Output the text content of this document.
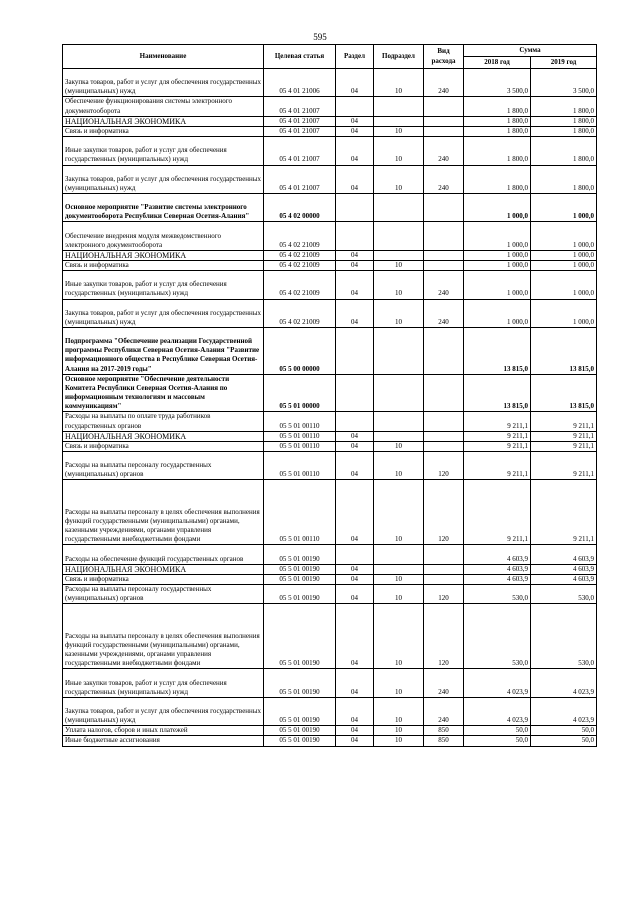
595
Наименование	Целевая статья	Раздел	Подраздел	Вид расхода	Сумма	
					2018 год	2019 год
Закупка товаров, работ и услуг для обеспечения государственных (муниципальных) нужд	05 4 01 21006	04	10	240	3 500,0	3 500,0
Обеспечение функционирования системы электронного документооборота	05 4 01 21007				1 800,0	1 800,0
НАЦИОНАЛЬНАЯ ЭКОНОМИКА	05 4 01 21007	04			1 800,0	1 800,0
Связь и информатика	05 4 01 21007	04	10		1 800,0	1 800,0
Иные закупки товаров, работ и услуг для обеспечения государственных (муниципальных) нужд	05 4 01 21007	04	10	240	1 800,0	1 800,0
Закупка товаров, работ и услуг для обеспечения государственных (муниципальных) нужд	05 4 01 21007	04	10	240	1 800,0	1 800,0
Основное мероприятие "Развитие системы электронного документооборота Республики Северная Осетия-Алания"	05 4 02 00000				1 000,0	1 000,0
Обеспечение внедрения модуля межведомственного электронного документооборота	05 4 02 21009				1 000,0	1 000,0
НАЦИОНАЛЬНАЯ ЭКОНОМИКА	05 4 02 21009	04			1 000,0	1 000,0
Связь и информатика	05 4 02 21009	04	10		1 000,0	1 000,0
Иные закупки товаров, работ и услуг для обеспечения государственных (муниципальных) нужд	05 4 02 21009	04	10	240	1 000,0	1 000,0
Закупка товаров, работ и услуг для обеспечения государственных (муниципальных) нужд	05 4 02 21009	04	10	240	1 000,0	1 000,0
Подпрограмма "Обеспечение реализации Государственной программы Республики Северная Осетия-Алания "Развитие информационного общества в Республике Северная Осетия-Алания на 2017-2019 годы"	05 5 00 00000				13 815,0	13 815,0
Основное мероприятие "Обеспечение деятельности Комитета Республики Северная Осетия-Алания по информационным технологиям и массовым коммуникациям"	05 5 01 00000				13 815,0	13 815,0
Расходы на выплаты по оплате труда работников государственных органов	05 5 01 00110				9 211,1	9 211,1
НАЦИОНАЛЬНАЯ ЭКОНОМИКА	05 5 01 00110	04			9 211,1	9 211,1
Связь и информатика	05 5 01 00110	04	10		9 211,1	9 211,1
Расходы на выплаты персоналу государственных (муниципальных) органов	05 5 01 00110	04	10	120	9 211,1	9 211,1
Расходы на выплаты персоналу в целях обеспечения выполнения функций государственными (муниципальными) органами, казенными учреждениями, органами управления государственными внебюджетными фондами	05 5 01 00110	04	10	120	9 211,1	9 211,1
Расходы на обеспечение функций государственных органов	05 5 01 00190				4 603,9	4 603,9
НАЦИОНАЛЬНАЯ ЭКОНОМИКА	05 5 01 00190	04			4 603,9	4 603,9
Связь и информатика	05 5 01 00190	04	10		4 603,9	4 603,9
Расходы на выплаты персоналу государственных (муниципальных) органов	05 5 01 00190	04	10	120	530,0	530,0
Расходы на выплаты персоналу в целях обеспечения выполнения функций государственными (муниципальными) органами, казенными учреждениями, органами управления государственными внебюджетными фондами	05 5 01 00190	04	10	120	530,0	530,0
Иные закупки товаров, работ и услуг для обеспечения государственных (муниципальных) нужд	05 5 01 00190	04	10	240	4 023,9	4 023,9
Закупка товаров, работ и услуг для обеспечения государственных (муниципальных) нужд	05 5 01 00190	04	10	240	4 023,9	4 023,9
Уплата налогов, сборов и иных платежей	05 5 01 00190	04	10	850	50,0	50,0
Иные бюджетные ассигнования	05 5 01 00190	04	10	850	50,0	50,0
